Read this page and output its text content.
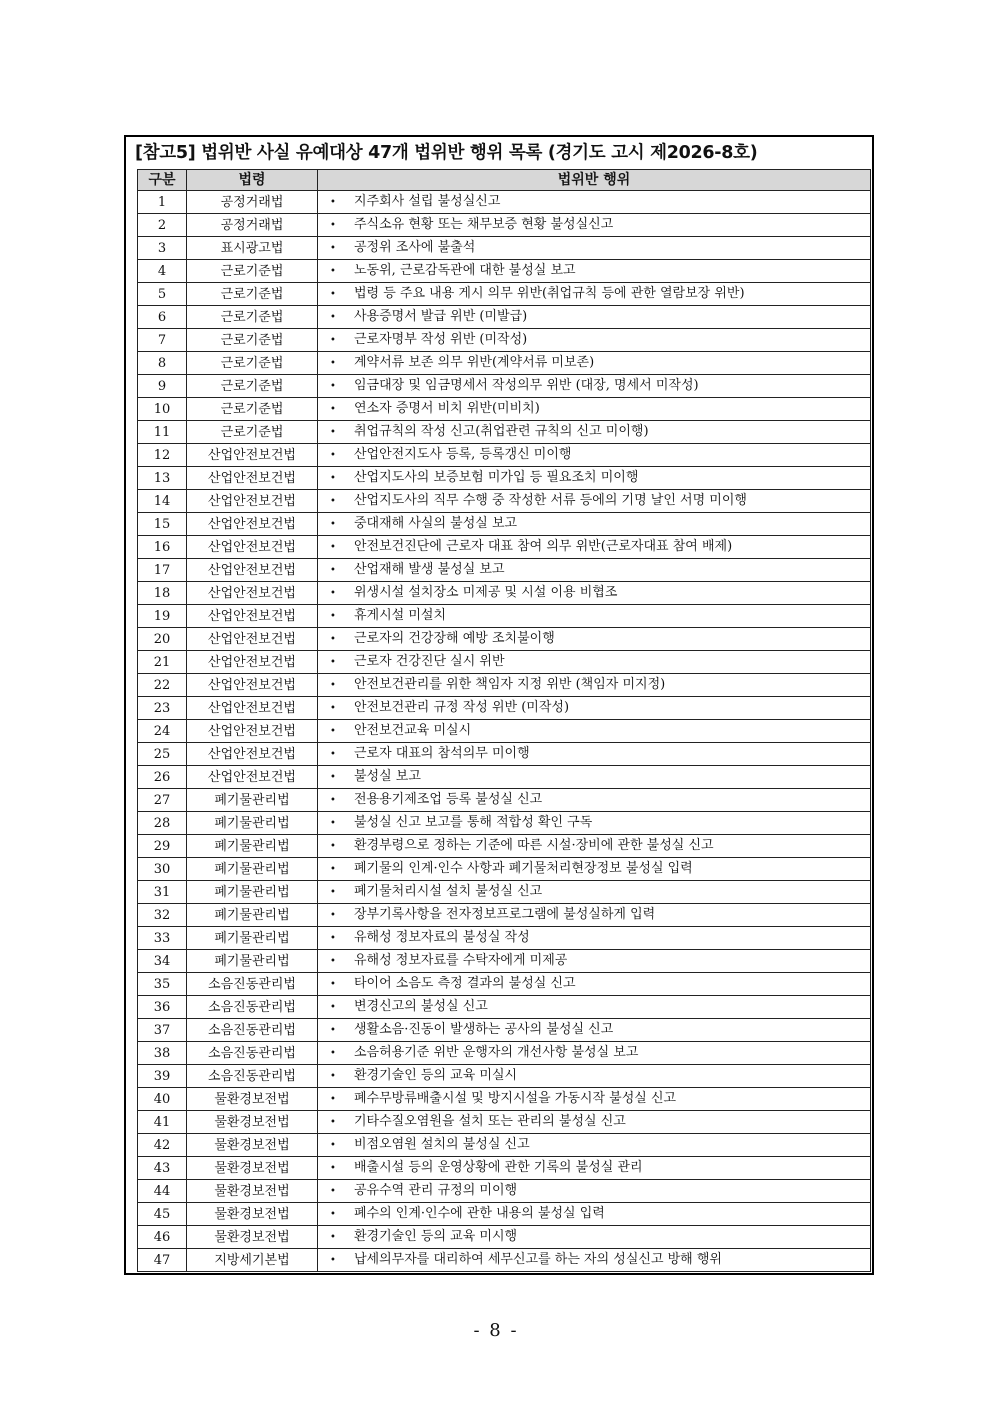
[참고5] 법위반 사실 유예대상 47개 법위반 행위 목록 (경기도 고시 제2026-8호)
구분	법령	법위반 행위
1	공정거래법	• 지주회사 설립 불성실신고
2	공정거래법	• 주식소유 현황 또는 채무보증 현황 불성실신고
3	표시광고법	• 공정위 조사에 불출석
4	근로기준법	• 노동위, 근로감독관에 대한 불성실 보고
5	근로기준법	• 법령 등 주요 내용 게시 의무 위반(취업규칙 등에 관한 열람보장 위반)
6	근로기준법	• 사용증명서 발급 위반 (미발급)
7	근로기준법	• 근로자명부 작성 위반 (미작성)
8	근로기준법	• 계약서류 보존 의무 위반(계약서류 미보존)
9	근로기준법	• 임금대장 및 임금명세서 작성의무 위반 (대장, 명세서 미작성)
10	근로기준법	• 연소자 증명서 비치 위반(미비치)
11	근로기준법	• 취업규칙의 작성 신고(취업관련 규칙의 신고 미이행)
12	산업안전보건법	• 산업안전지도사 등록, 등록갱신 미이행
13	산업안전보건법	• 산업지도사의 보증보험 미가입 등 필요조치 미이행
14	산업안전보건법	• 산업지도사의 직무 수행 중 작성한 서류 등에의 기명 날인 서명 미이행
15	산업안전보건법	• 중대재해 사실의 불성실 보고
16	산업안전보건법	• 안전보건진단에 근로자 대표 참여 의무 위반(근로자대표 참여 배제)
17	산업안전보건법	• 산업재해 발생 불성실 보고
18	산업안전보건법	• 위생시설 설치장소 미제공 및 시설 이용 비협조
19	산업안전보건법	• 휴게시설 미설치
20	산업안전보건법	• 근로자의 건강장해 예방 조치불이행
21	산업안전보건법	• 근로자 건강진단 실시 위반
22	산업안전보건법	• 안전보건관리를 위한 책임자 지정 위반 (책임자 미지정)
23	산업안전보건법	• 안전보건관리 규정 작성 위반 (미작성)
24	산업안전보건법	• 안전보건교육 미실시
25	산업안전보건법	• 근로자 대표의 참석의무 미이행
26	산업안전보건법	• 불성실 보고
27	폐기물관리법	• 전용용기제조업 등록 불성실 신고
28	폐기물관리법	• 불성실 신고 보고를 통해 적합성 확인 구독
29	폐기물관리법	• 환경부령으로 정하는 기준에 따른 시설·장비에 관한 불성실 신고
30	폐기물관리법	• 폐기물의 인계·인수 사항과 폐기물처리현장정보 불성실 입력
31	폐기물관리법	• 폐기물처리시설 설치 불성실 신고
32	폐기물관리법	• 장부기록사항을 전자정보프로그램에 불성실하게 입력
33	폐기물관리법	• 유해성 정보자료의 불성실 작성
34	폐기물관리법	• 유해성 정보자료를 수탁자에게 미제공
35	소음진동관리법	• 타이어 소음도 측정 결과의 불성실 신고
36	소음진동관리법	• 변경신고의 불성실 신고
37	소음진동관리법	• 생활소음·진동이 발생하는 공사의 불성실 신고
38	소음진동관리법	• 소음허용기준 위반 운행자의 개선사항 불성실 보고
39	소음진동관리법	• 환경기술인 등의 교육 미실시
40	물환경보전법	• 폐수무방류배출시설 및 방지시설을 가동시작 불성실 신고
41	물환경보전법	• 기타수질오염원을 설치 또는 관리의 불성실 신고
42	물환경보전법	• 비점오염원 설치의 불성실 신고
43	물환경보전법	• 배출시설 등의 운영상황에 관한 기록의 불성실 관리
44	물환경보전법	• 공유수역 관리 규정의 미이행
45	물환경보전법	• 폐수의 인계·인수에 관한 내용의 불성실 입력
46	물환경보전법	• 환경기술인 등의 교육 미시행
47	지방세기본법	• 납세의무자를 대리하여 세무신고를 하는 자의 성실신고 방해 행위
- 8 -
